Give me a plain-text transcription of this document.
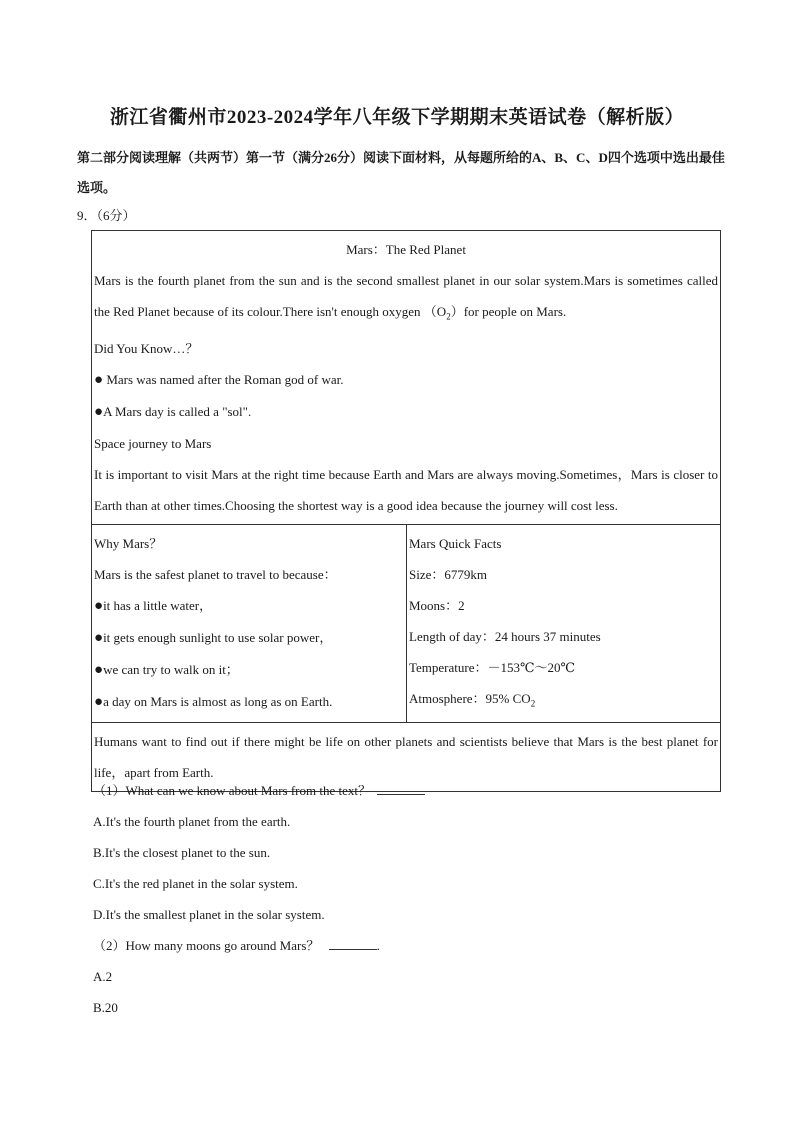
浙江省衢州市2023-2024学年八年级下学期期末英语试卷（解析版）
第二部分阅读理解（共两节）第一节（满分26分）阅读下面材料，从每题所给的A、B、C、D四个选项中选出最佳选项。
9．（6分）
Mars：The Red Planet
Mars is the fourth planet from the sun and is the second smallest planet in our solar system.Mars is sometimes called the Red Planet because of its colour.There isn't enough oxygen $(O_2)for$ people on Mars.
Did You Know…？
● Mars was named after the Roman god of war.
●A Mars day is called a "sol".
Space journey to Mars
It is important to visit Mars at the right time because Earth and Mars are always moving.Sometimes，Mars is closer to Earth than at other times.Choosing the shortest way is a good idea because the journey will cost less.

Why Mars？
Mars is the safest planet to travel to because：
●it has a little water，
●it gets enough sunlight to use solar power，
●we can try to walk on it；
●a day on Mars is almost as long as on Earth.

Mars Quick Facts
Size：6779km
Moons：2
Length of day：24 hours 37 minutes
Temperature：－153℃～20℃
Atmosphere：95% $CO_2$

Humans want to find out if there might be life on other planets and scientists believe that Mars is the best planet for life，apart from Earth.
（1）What can we know about Mars from the text？
A.It's the fourth planet from the earth.
B.It's the closest planet to the sun.
C.It's the red planet in the solar system.
D.It's the smallest planet in the solar system.
（2）How many moons go around Mars？	.
A.2
B.20
